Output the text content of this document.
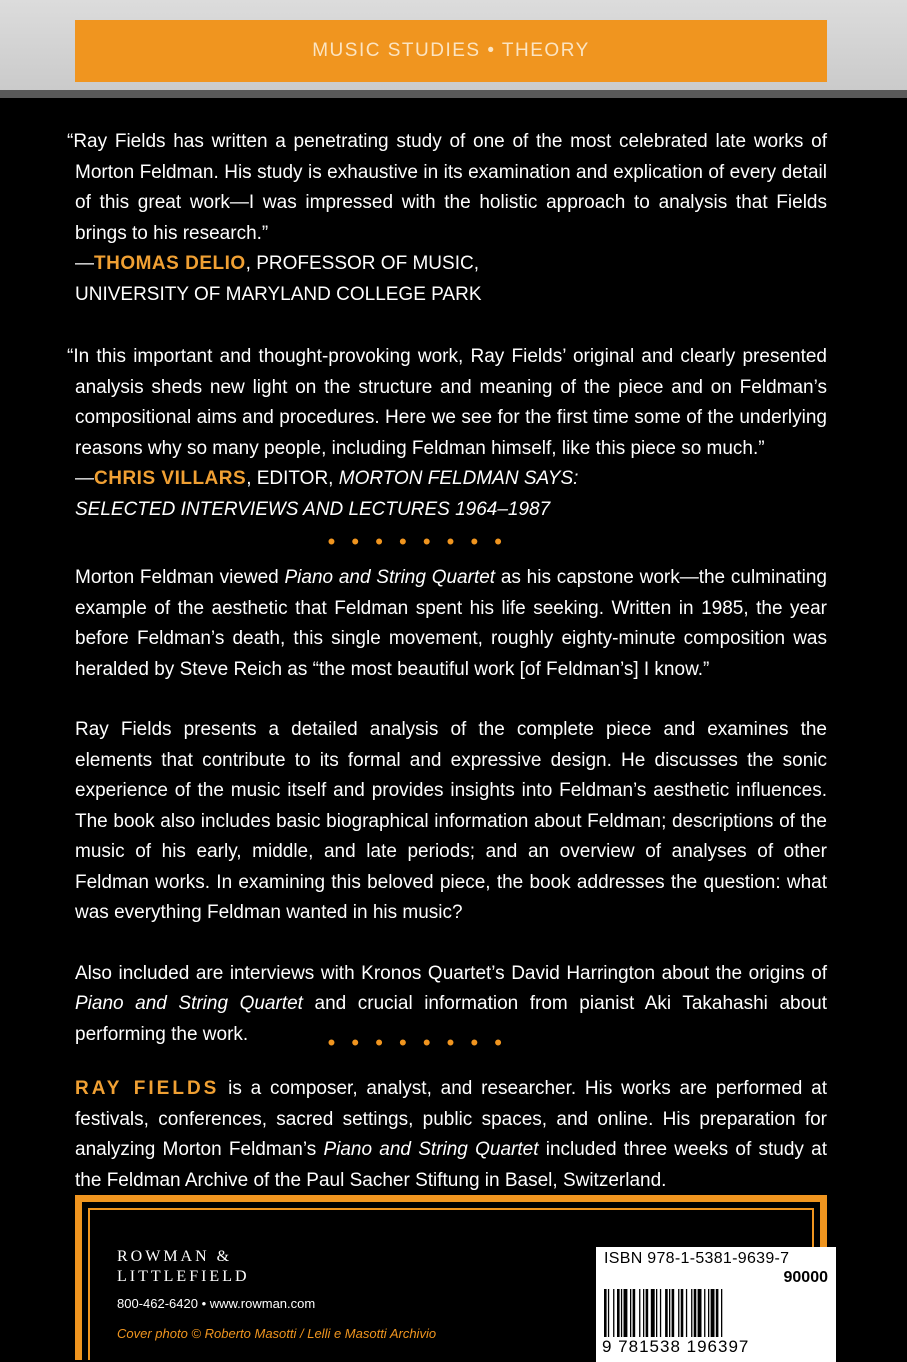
MUSIC STUDIES • THEORY

“Ray Fields has written a penetrating study of one of the most celebrated late works of Morton Feldman. His study is exhaustive in its examination and explication of every detail of this great work—I was impressed with the holistic approach to analysis that Fields brings to his research.”

—THOMAS DELIO, PROFESSOR OF MUSIC,

UNIVERSITY OF MARYLAND COLLEGE PARK

“In this important and thought-provoking work, Ray Fields’ original and clearly presented analysis sheds new light on the structure and meaning of the piece and on Feldman’s compositional aims and procedures. Here we see for the first time some of the underlying reasons why so many people, including Feldman himself, like this piece so much.”

—CHRIS VILLARS, EDITOR, MORTON FELDMAN SAYS:

SELECTED INTERVIEWS AND LECTURES 1964–1987

• • • • • • • •

Morton Feldman viewed Piano and String Quartet as his capstone work—the culminating example of the aesthetic that Feldman spent his life seeking. Written in 1985, the year before Feldman’s death, this single movement, roughly eighty-minute composition was heralded by Steve Reich as “the most beautiful work [of Feldman’s] I know.”

Ray Fields presents a detailed analysis of the complete piece and examines the elements that contribute to its formal and expressive design. He discusses the sonic experience of the music itself and provides insights into Feldman’s aesthetic influences. The book also includes basic biographical information about Feldman; descriptions of the music of his early, middle, and late periods; and an overview of analyses of other Feldman works. In examining this beloved piece, the book addresses the question: what was everything Feldman wanted in his music?

Also included are interviews with Kronos Quartet’s David Harrington about the origins of Piano and String Quartet and crucial information from pianist Aki Takahashi about performing the work.	• • • • • • • •

RAY FIELDS is a composer, analyst, and researcher. His works are performed at festivals, conferences, sacred settings, public spaces, and online. His preparation for analyzing Morton Feldman’s Piano and String Quartet included three weeks of study at the Feldman Archive of the Paul Sacher Stiftung in Basel, Switzerland.

ROWMAN &
LITTLEFIELD
800-462-6420 • www.rowman.com
Cover photo © Roberto Masotti / Lelli e Masotti Archivio
ISBN 978-1-5381-9639-7
90000
9 781538 196397
